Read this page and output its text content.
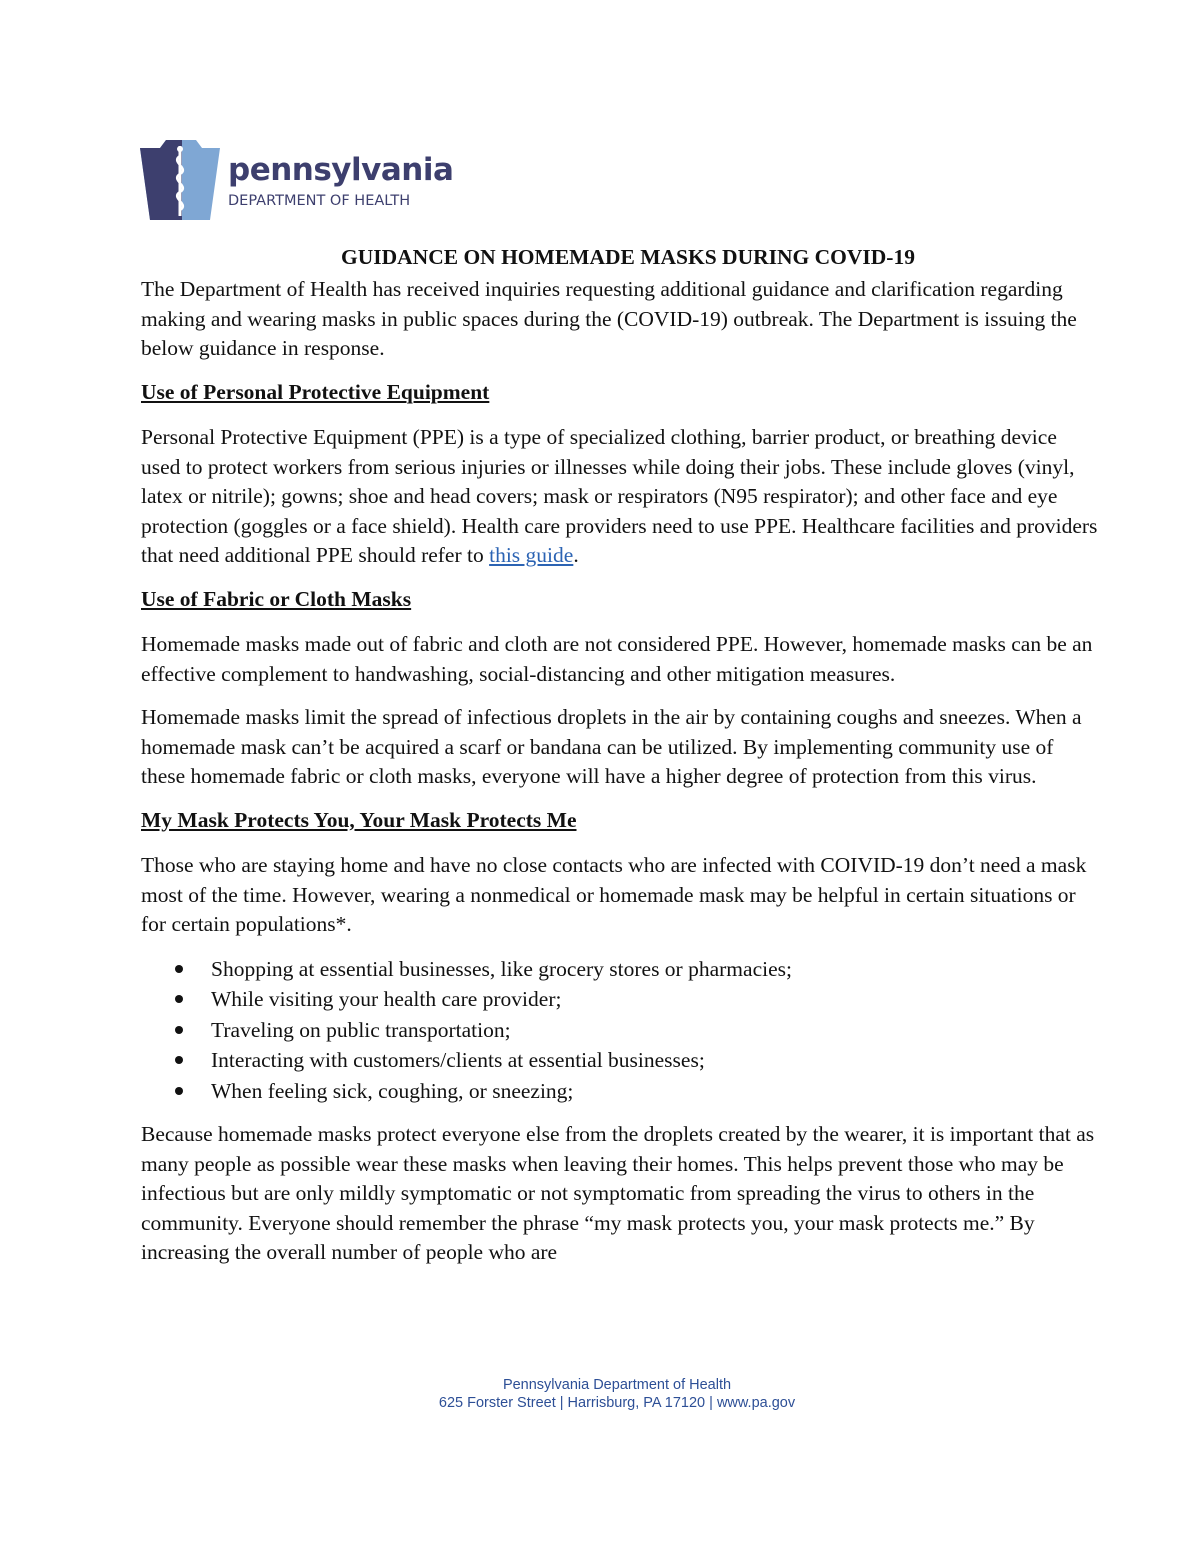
pennsylvania
DEPARTMENT OF HEALTH
GUIDANCE ON HOMEMADE MASKS DURING COVID-19

The Department of Health has received inquiries requesting additional guidance and clarification regarding making and wearing masks in public spaces during the (COVID-19) outbreak. The Department is issuing the below guidance in response.

Use of Personal Protective Equipment

Personal Protective Equipment (PPE) is a type of specialized clothing, barrier product, or breathing device used to protect workers from serious injuries or illnesses while doing their jobs. These include gloves (vinyl, latex or nitrile); gowns; shoe and head covers; mask or respirators (N95 respirator); and other face and eye protection (goggles or a face shield). Health care providers need to use PPE. Healthcare facilities and providers that need additional PPE should refer to this guide.

Use of Fabric or Cloth Masks

Homemade masks made out of fabric and cloth are not considered PPE. However, homemade masks can be an effective complement to handwashing, social-distancing and other mitigation measures.

Homemade masks limit the spread of infectious droplets in the air by containing coughs and sneezes. When a homemade mask can’t be acquired a scarf or bandana can be utilized. By implementing community use of these homemade fabric or cloth masks, everyone will have a higher degree of protection from this virus.

My Mask Protects You, Your Mask Protects Me

Those who are staying home and have no close contacts who are infected with COIVID-19 don’t need a mask most of the time. However, wearing a nonmedical or homemade mask may be helpful in certain situations or for certain populations*.

Shopping at essential businesses, like grocery stores or pharmacies;
While visiting your health care provider;
Traveling on public transportation;
Interacting with customers/clients at essential businesses;
When feeling sick, coughing, or sneezing;

Because homemade masks protect everyone else from the droplets created by the wearer, it is important that as many people as possible wear these masks when leaving their homes. This helps prevent those who may be infectious but are only mildly symptomatic or not symptomatic from spreading the virus to others in the community. Everyone should remember the phrase “my mask protects you, your mask protects me.” By increasing the overall number of people who are

Pennsylvania Department of Health
625 Forster Street | Harrisburg, PA 17120 | www.pa.gov
